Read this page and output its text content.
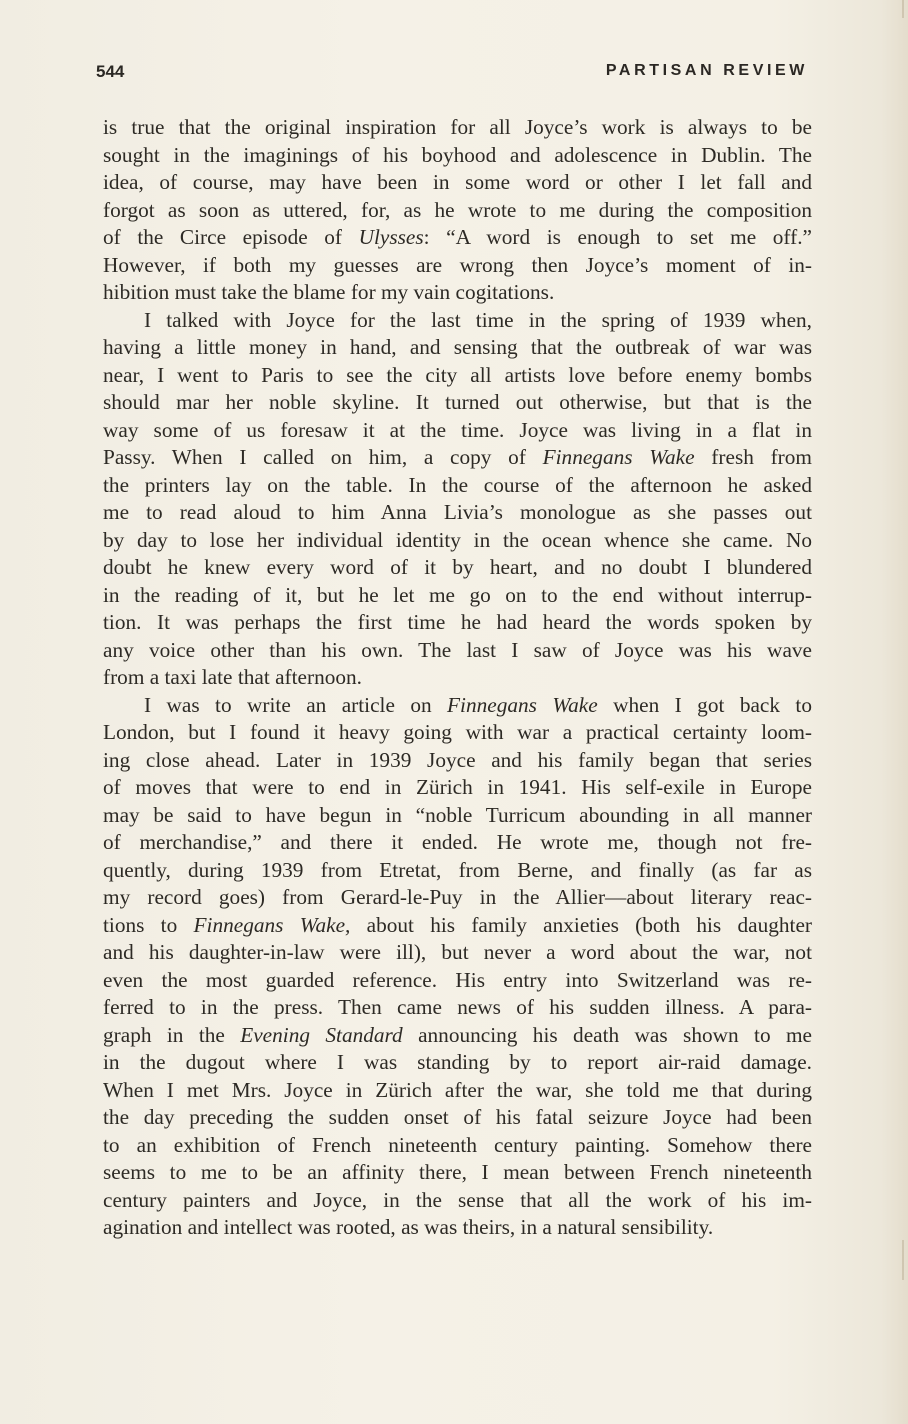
544	PARTISAN REVIEW
is true that the original inspiration for all Joyce’s work is always to be
sought in the imaginings of his boyhood and adolescence in Dublin. The
idea, of course, may have been in some word or other I let fall and
forgot as soon as uttered, for, as he wrote to me during the composition
of the Circe episode of Ulysses: “A word is enough to set me off.”
However, if both my guesses are wrong then Joyce’s moment of in-
hibition must take the blame for my vain cogitations.
I talked with Joyce for the last time in the spring of 1939 when,
having a little money in hand, and sensing that the outbreak of war was
near, I went to Paris to see the city all artists love before enemy bombs
should mar her noble skyline. It turned out otherwise, but that is the
way some of us foresaw it at the time. Joyce was living in a flat in
Passy. When I called on him, a copy of Finnegans Wake fresh from
the printers lay on the table. In the course of the afternoon he asked
me to read aloud to him Anna Livia’s monologue as she passes out
by day to lose her individual identity in the ocean whence she came. No
doubt he knew every word of it by heart, and no doubt I blundered
in the reading of it, but he let me go on to the end without interrup-
tion. It was perhaps the first time he had heard the words spoken by
any voice other than his own. The last I saw of Joyce was his wave
from a taxi late that afternoon.
I was to write an article on Finnegans Wake when I got back to
London, but I found it heavy going with war a practical certainty loom-
ing close ahead. Later in 1939 Joyce and his family began that series
of moves that were to end in Zürich in 1941. His self-exile in Europe
may be said to have begun in “noble Turricum abounding in all manner
of merchandise,” and there it ended. He wrote me, though not fre-
quently, during 1939 from Etretat, from Berne, and finally (as far as
my record goes) from Gerard-le-Puy in the Allier—about literary reac-
tions to Finnegans Wake, about his family anxieties (both his daughter
and his daughter-in-law were ill), but never a word about the war, not
even the most guarded reference. His entry into Switzerland was re-
ferred to in the press. Then came news of his sudden illness. A para-
graph in the Evening Standard announcing his death was shown to me
in the dugout where I was standing by to report air-raid damage.
When I met Mrs. Joyce in Zürich after the war, she told me that during
the day preceding the sudden onset of his fatal seizure Joyce had been
to an exhibition of French nineteenth century painting. Somehow there
seems to me to be an affinity there, I mean between French nineteenth
century painters and Joyce, in the sense that all the work of his im-
agination and intellect was rooted, as was theirs, in a natural sensibility.
